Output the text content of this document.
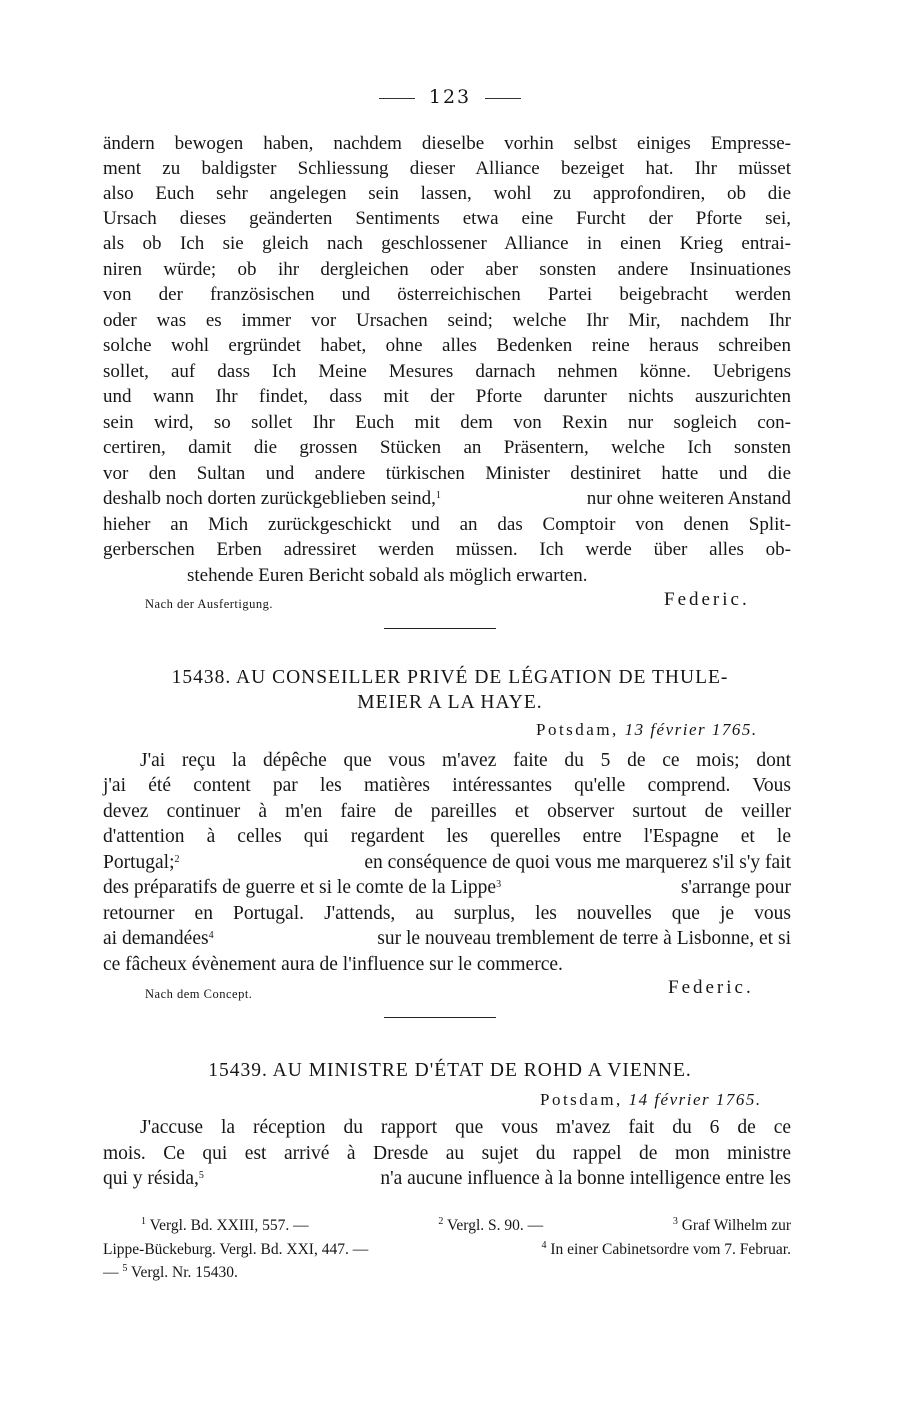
123
ändern bewogen haben, nachdem dieselbe vorhin selbst einiges Empresse-
ment zu baldigster Schliessung dieser Alliance bezeiget hat. Ihr müsset
also Euch sehr angelegen sein lassen, wohl zu approfondiren, ob die
Ursach dieses geänderten Sentiments etwa eine Furcht der Pforte sei,
als ob Ich sie gleich nach geschlossener Alliance in einen Krieg entrai-
niren würde; ob ihr dergleichen oder aber sonsten andere Insinuationes
von der französischen und österreichischen Partei beigebracht werden
oder was es immer vor Ursachen seind; welche Ihr Mir, nachdem Ihr
solche wohl ergründet habet, ohne alles Bedenken reine heraus schreiben
sollet, auf dass Ich Meine Mesures darnach nehmen könne. Uebrigens
und wann Ihr findet, dass mit der Pforte darunter nichts auszurichten
sein wird, so sollet Ihr Euch mit dem von Rexin nur sogleich con-
certiren, damit die grossen Stücken an Präsentern, welche Ich sonsten
vor den Sultan und andere türkischen Minister destiniret hatte und die
deshalb noch dorten zurückgeblieben seind,$^1$	nur ohne weiteren Anstand
hieher an Mich zurückgeschickt und an das Comptoir von denen Split-
gerberschen Erben adressiret werden müssen. Ich werde über alles ob-
stehende Euren Bericht sobald als möglich erwarten.
Nach der Ausfertigung.	Federic.
15438. AU CONSEILLER PRIVÉ DE LÉGATION DE THULE-
MEIER A LA HAYE.
Potsdam, 13 février 1765.
J'ai reçu la dépêche que vous m'avez faite du 5 de ce mois; dont
j'ai été content par les matières intéressantes qu'elle comprend. Vous
devez continuer à m'en faire de pareilles et observer surtout de veiller
d'attention à celles qui regardent les querelles entre l'Espagne et le
Portugal;$^2$	en conséquence de quoi vous me marquerez s'il s'y fait
des préparatifs de guerre et si le comte de la Lippe$^3$	s'arrange pour
retourner en Portugal. J'attends, au surplus, les nouvelles que je vous
ai demandées$^4$	sur le nouveau tremblement de terre à Lisbonne, et si
ce fâcheux évènement aura de l'influence sur le commerce.
Nach dem Concept.	Federic.
15439. AU MINISTRE D'ÉTAT DE ROHD A VIENNE.
Potsdam, 14 février 1765.
J'accuse la réception du rapport que vous m'avez fait du 6 de ce
mois. Ce qui est arrivé à Dresde au sujet du rappel de mon ministre
qui y résida,$^5$	n'a aucune influence à la bonne intelligence entre les
$^1$ Vergl. Bd. XXIII, 557. —	$^2$ Vergl. S. 90. —	$^3$ Graf Wilhelm zur
Lippe-Bückeburg. Vergl. Bd. XXI, 447. —	$^4$ In einer Cabinetsordre vom 7. Februar.
— $^5$ Vergl. Nr. 15430.
